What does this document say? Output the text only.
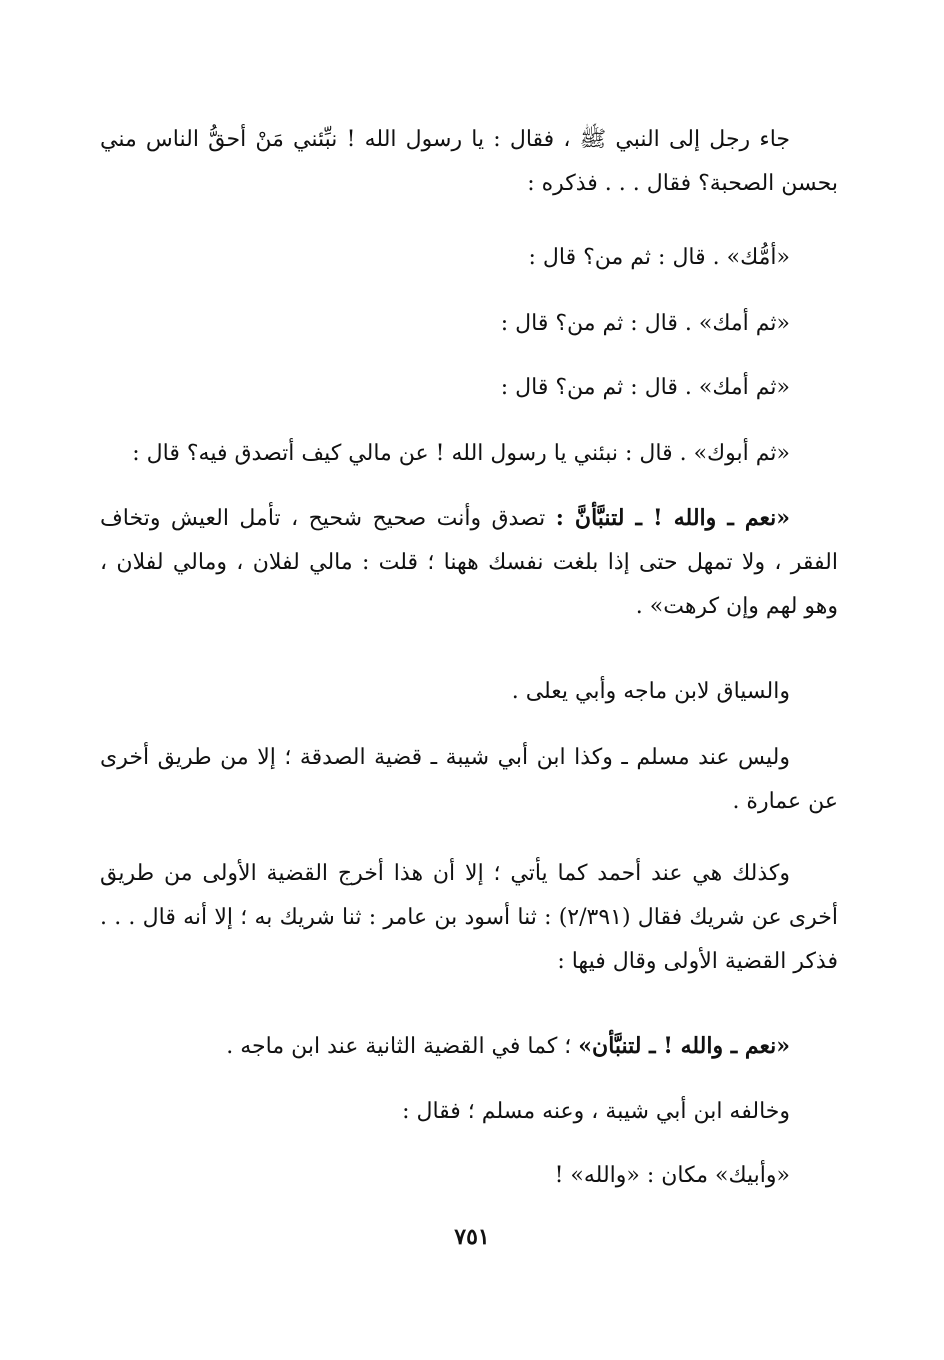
جاء رجل إلى النبي ﷺ ، فقال : يا رسول الله ! نبِّئني مَنْ أحقُّ الناس مني بحسن الصحبة؟ فقال . . . فذكره :
«أمُّك» . قال : ثم من؟ قال :
«ثم أمك» . قال : ثم من؟ قال :
«ثم أمك» . قال : ثم من؟ قال :
«ثم أبوك» . قال : نبئني يا رسول الله ! عن مالي كيف أتصدق فيه؟ قال :
«نعم ـ والله ! ـ لتنبَّأنَّ : تصدق وأنت صحيح شحيح ، تأمل العيش وتخاف الفقر ، ولا تمهل حتى إذا بلغت نفسك ههنا ؛ قلت : مالي لفلان ، ومالي لفلان ، وهو لهم وإن كرهت» .
والسياق لابن ماجه وأبي يعلى .
وليس عند مسلم ـ وكذا ابن أبي شيبة ـ قضية الصدقة ؛ إلا من طريق أخرى عن عمارة .
وكذلك هي عند أحمد كما يأتي ؛ إلا أن هذا أخرج القضية الأولى من طريق أخرى عن شريك فقال (٢/٣٩١) : ثنا أسود بن عامر : ثنا شريك به ؛ إلا أنه قال . . . فذكر القضية الأولى وقال فيها :
«نعم ـ والله ! ـ لتنبَّأن» ؛ كما في القضية الثانية عند ابن ماجه .
وخالفه ابن أبي شيبة ، وعنه مسلم ؛ فقال :
«وأبيك» مكان : «والله» !
٧٥١
